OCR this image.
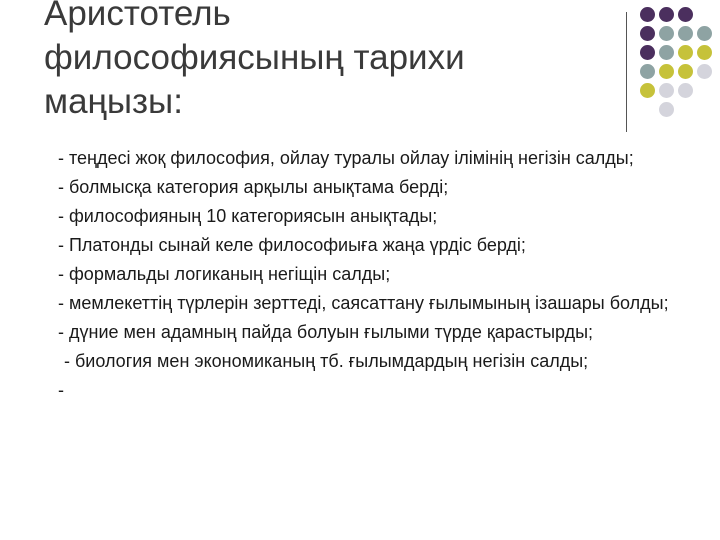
Аристотель
философиясының тарихи
маңызы:
- теңдесі жоқ философия, ойлау туралы ойлау ілімінің негізін салды;
- болмысқа категория арқылы анықтама берді;
- философияның 10 категориясын анықтады;
- Платонды сынай келе философиыға жаңа үрдіс берді;
- формальды логиканың негіщін салды;
- мемлекеттің түрлерін зерттеді, саясаттану ғылымының ізашары болды;
- дүние мен адамның пайда болуын ғылыми түрде қарастырды;
- биология мен экономиканың тб. ғылымдардың негізін салды;
-
